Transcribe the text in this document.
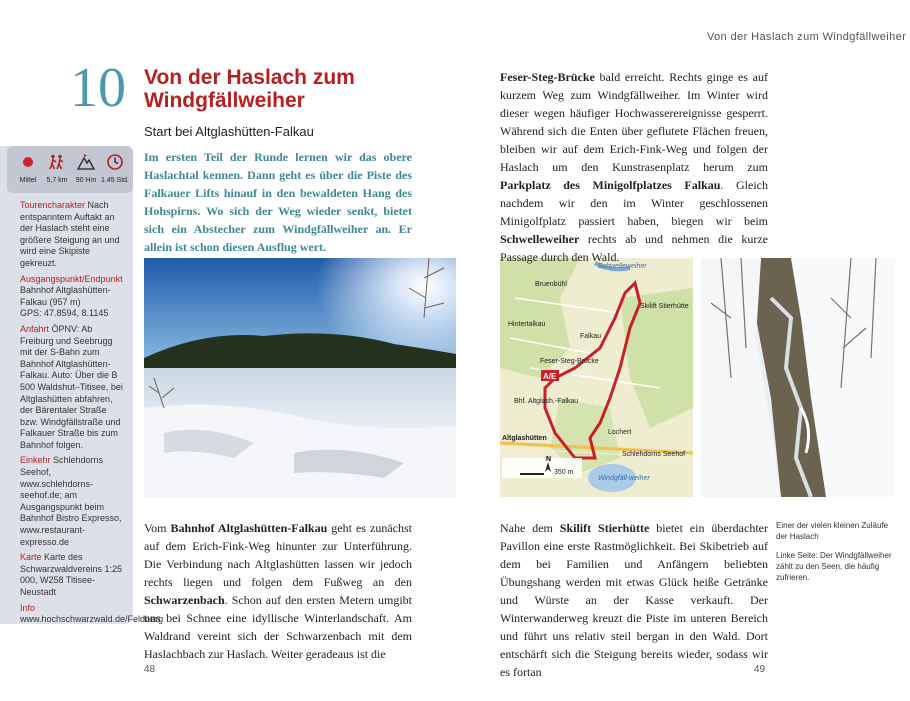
Von der Haslach zum Windgfällweiher
Mittel	5,7 km	90 Hm 1.45 Std.

Tourencharakter Nach entspanntem Auftakt an der Haslach steht eine größere Steigung an und wird eine Skipiste gekreuzt.

Ausgangspunkt/Endpunkt
Bahnhof Altglashütten-Falkau (957 m)
GPS: 47.8594, 8.1145

Anfahrt ÖPNV: Ab Freiburg und Seebrugg mit der S-Bahn zum Bahnhof Altglashütten-Falkau. Auto: Über die B 500 Waldshut–Titisee, bei Altglashütten abfahren, der Bärentaler Straße bzw. Windgfällstraße und Falkauer Straße bis zum Bahnhof folgen.

Einkehr Schlehdorns Seehof, www.schlehdorns-seehof.de; am Ausgangspunkt beim Bahnhof Bistro Expresso, www.restaurant-expresso.de

Karte Karte des Schwarzwaldvereins 1:25 000, W258 Titisee-Neustadt

Info www.hochschwarzwald.de/Feldberg

10 Von der Haslach zum Windgfällweiher
Start bei Altglashütten-Falkau

Im ersten Teil der Runde lernen wir das obere Haslachtal kennen. Dann geht es über die Piste des Falkauer Lifts hinauf in den bewaldeten Hang des Hohspirns. Wo sich der Weg wieder senkt, bietet sich ein Abstecher zum Windgfällweiher an. Er allein ist schon diesen Ausflug wert.

A/E
Schwelleweiher
Bruenbühl
Skilift Stierhütte
Hintertalkau
Falkau
Feser-Steg-Brücke
Altglashütten
Lochert
Schlehdorns Seehof
Windgfäll-weiher
Bhf. Altglash.-Falkau
N
350 m

Vom Bahnhof Altglashütten-Falkau geht es zunächst auf dem Erich-Fink-Weg hinunter zur Unterführung. Die Verbindung nach Altglashütten lassen wir jedoch rechts liegen und folgen dem Fußweg an den Schwarzenbach. Schon auf den ersten Metern umgibt uns bei Schnee eine idyllische Winterlandschaft. Am Waldrand vereint sich der Schwarzenbach mit dem Haslachbach zur Haslach. Weiter geradeaus ist die

Feser-Steg-Brücke bald erreicht. Rechts ginge es auf kurzem Weg zum Windgfällweiher. Im Winter wird dieser wegen häufiger Hochwasserereignisse gesperrt. Während sich die Enten über geflutete Flächen freuen, bleiben wir auf dem Erich-Fink-Weg und folgen der Haslach um den Kunstrasenplatz herum zum Parkplatz des Minigolfplatzes Falkau. Gleich nachdem wir den im Winter geschlossenen Minigolfplatz passiert haben, biegen wir beim Schwelleweiher rechts ab und nehmen die kurze Passage durch den Wald.

Nahe dem Skilift Stierhütte bietet ein überdachter Pavillon eine erste Rastmöglichkeit. Bei Skibetrieb auf dem bei Familien und Anfängern beliebten Übungshang werden mit etwas Glück heiße Getränke und Würste an der Kasse verkauft. Der Winterwanderweg kreuzt die Piste im unteren Bereich und führt uns relativ steil bergan in den Wald. Dort entschärft sich die Steigung bereits wieder, sodass wir es fortan

Einer der vielen kleinen Zuläufe der Haslach

Linke Seite: Der Windgfällweiher zählt zu den Seen, die häufig zufrieren.

48	49
